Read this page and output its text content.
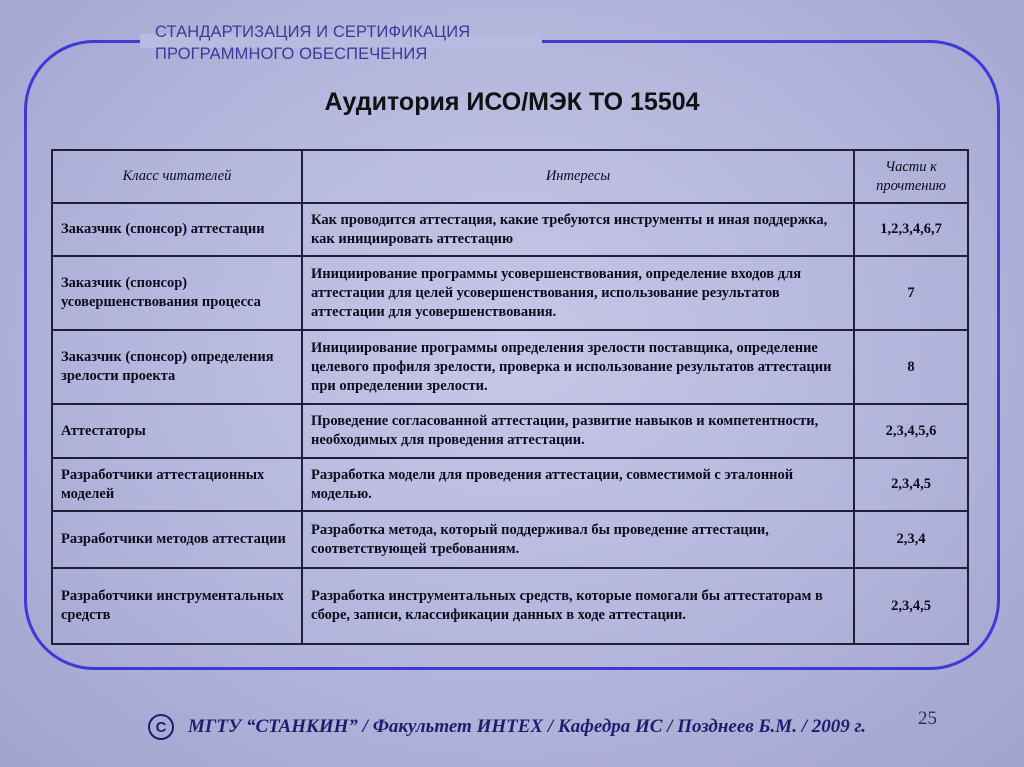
СТАНДАРТИЗАЦИЯ И СЕРТИФИКАЦИЯ
ПРОГРАММНОГО ОБЕСПЕЧЕНИЯ
Аудитория ИСО/МЭК ТО 15504
Класс читателей	Интересы	Части к прочтению
Заказчик (спонсор) аттестации	Как проводится аттестация, какие требуются инструменты и иная поддержка, как инициировать аттестацию	1,2,3,4,6,7
Заказчик (спонсор) усовершенствования процесса	Инициирование программы усовершенствования, определение входов для аттестации для целей усовершенствования, использование результатов аттестации для усовершенствования.	7
Заказчик (спонсор) определения зрелости проекта	Инициирование программы определения зрелости поставщика, определение целевого профиля зрелости, проверка и использование результатов аттестации при определении зрелости.	8
Аттестаторы	Проведение согласованной аттестации, развитие навыков и компетентности, необходимых для проведения аттестации.	2,3,4,5,6
Разработчики аттестационных моделей	Разработка модели для проведения аттестации, совместимой с эталонной моделью.	2,3,4,5
Разработчики методов аттестации	Разработка метода, который поддерживал бы проведение аттестации, соответствующей требованиям.	2,3,4
Разработчики инструментальных средств	Разработка инструментальных средств, которые помогали бы аттестаторам в сборе, записи, классификации данных в ходе аттестации.	2,3,4,5
С	МГТУ “СТАНКИН” / Факультет ИНТЕХ / Кафедра ИС / Позднеев Б.М. / 2009 г.	25
